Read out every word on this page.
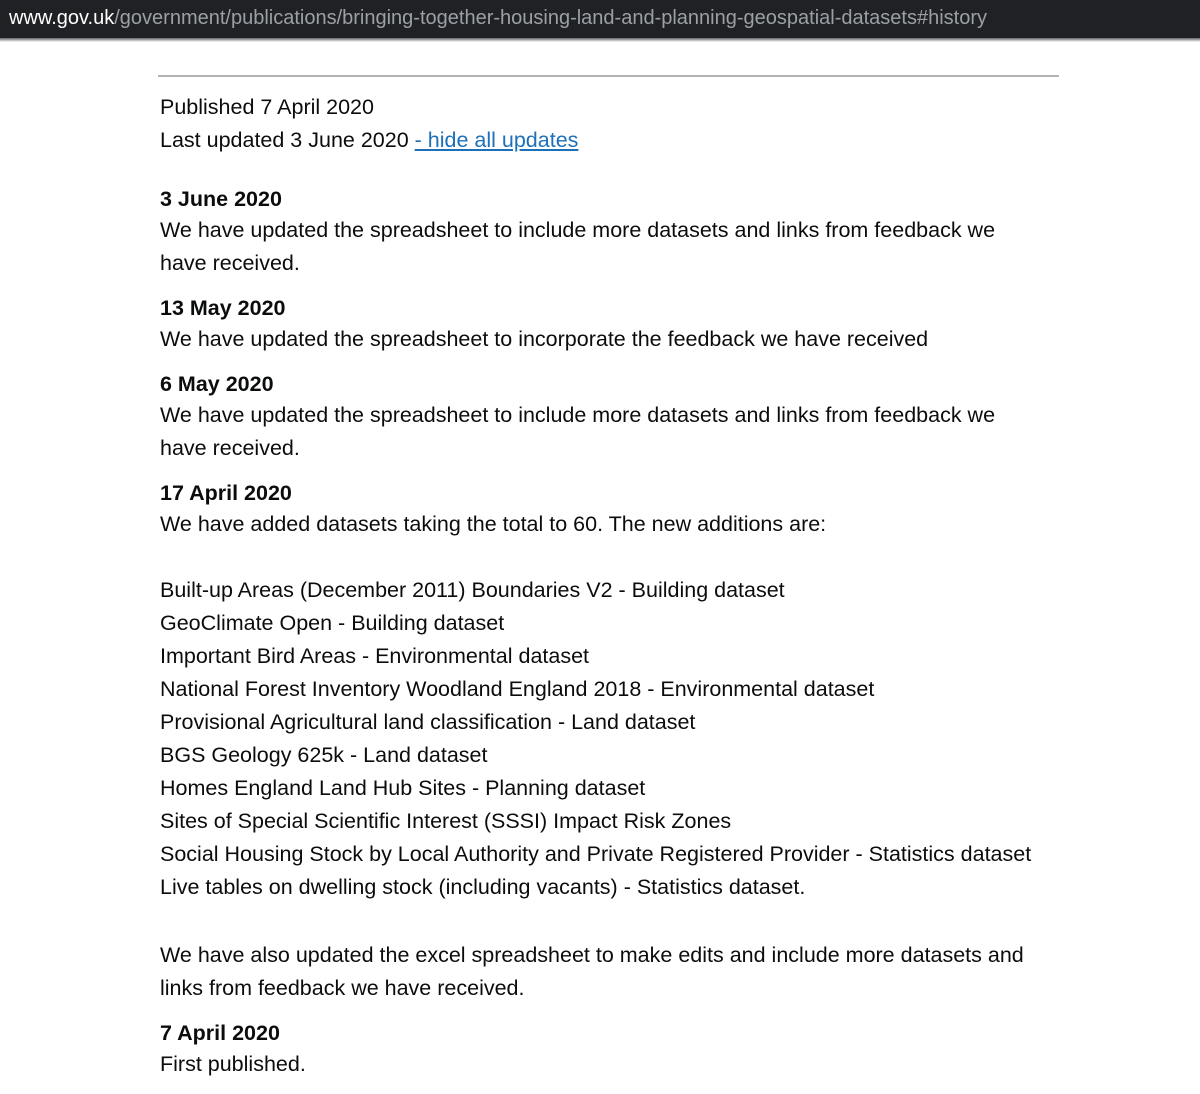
www.gov.uk/government/publications/bringing-together-housing-land-and-planning-geospatial-datasets#history
Published 7 April 2020
Last updated 3 June 2020 - hide all updates
3 June 2020
We have updated the spreadsheet to include more datasets and links from feedback we
have received.
13 May 2020
We have updated the spreadsheet to incorporate the feedback we have received
6 May 2020
We have updated the spreadsheet to include more datasets and links from feedback we
have received.
17 April 2020
We have added datasets taking the total to 60. The new additions are:
Built-up Areas (December 2011) Boundaries V2 - Building dataset
GeoClimate Open - Building dataset
Important Bird Areas - Environmental dataset
National Forest Inventory Woodland England 2018 - Environmental dataset
Provisional Agricultural land classification - Land dataset
BGS Geology 625k - Land dataset
Homes England Land Hub Sites - Planning dataset
Sites of Special Scientific Interest (SSSI) Impact Risk Zones
Social Housing Stock by Local Authority and Private Registered Provider - Statistics dataset
Live tables on dwelling stock (including vacants) - Statistics dataset.
We have also updated the excel spreadsheet to make edits and include more datasets and
links from feedback we have received.
7 April 2020
First published.
